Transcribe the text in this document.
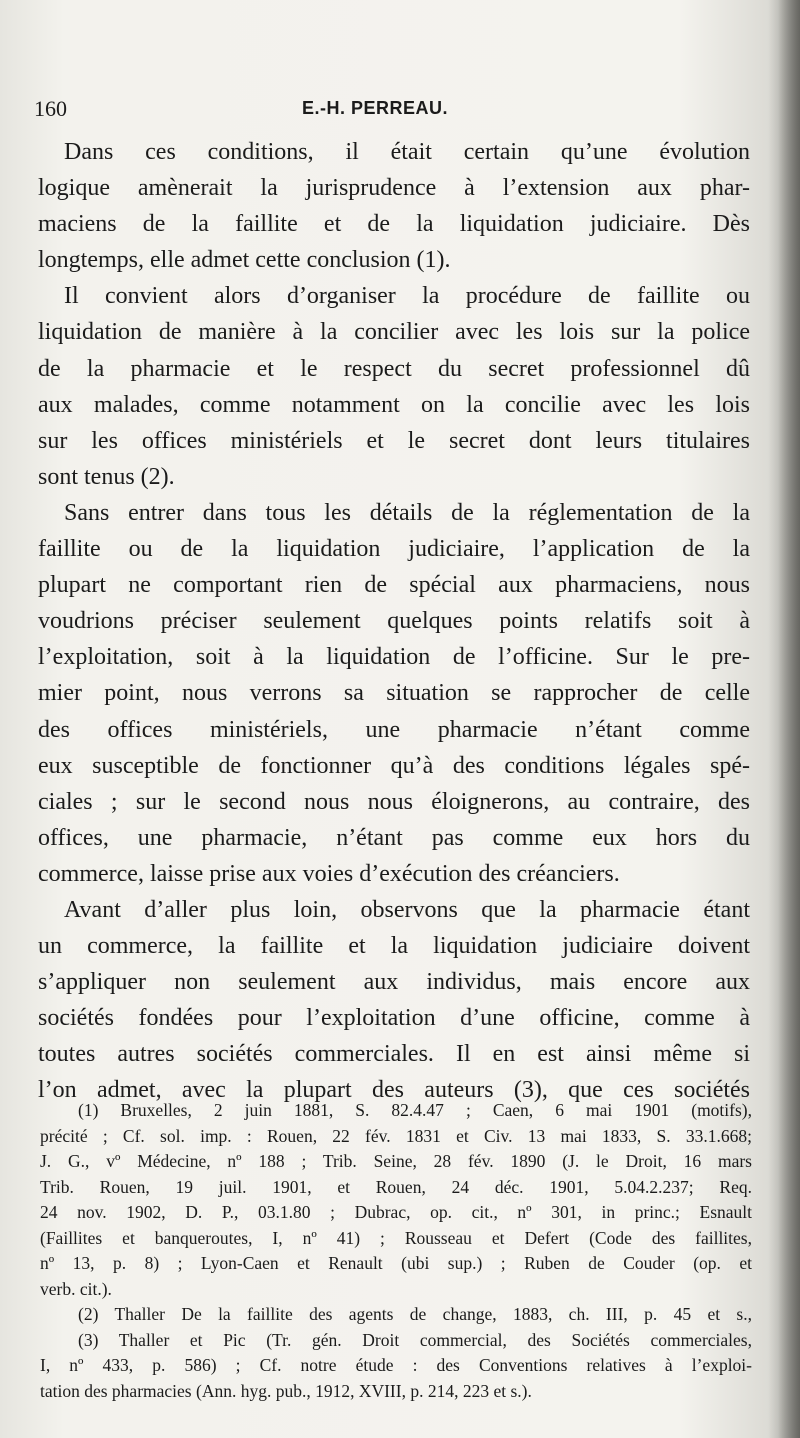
160	E.-H. PERREAU.
Dans ces conditions, il était certain qu’une évolution
logique amènerait la jurisprudence à l’extension aux phar-
maciens de la faillite et de la liquidation judiciaire. Dès
longtemps, elle admet cette conclusion (1).
Il convient alors d’organiser la procédure de faillite ou
liquidation de manière à la concilier avec les lois sur la police
de la pharmacie et le respect du secret professionnel dû
aux malades, comme notamment on la concilie avec les lois
sur les offices ministériels et le secret dont leurs titulaires
sont tenus (2).
Sans entrer dans tous les détails de la réglementation de la
faillite ou de la liquidation judiciaire, l’application de la
plupart ne comportant rien de spécial aux pharmaciens, nous
voudrions préciser seulement quelques points relatifs soit à
l’exploitation, soit à la liquidation de l’officine. Sur le pre-
mier point, nous verrons sa situation se rapprocher de celle
des offices ministériels, une pharmacie n’étant comme
eux susceptible de fonctionner qu’à des conditions légales spé-
ciales ; sur le second nous nous éloignerons, au contraire, des
offices, une pharmacie, n’étant pas comme eux hors du
commerce, laisse prise aux voies d’exécution des créanciers.
Avant d’aller plus loin, observons que la pharmacie étant
un commerce, la faillite et la liquidation judiciaire doivent
s’appliquer non seulement aux individus, mais encore aux
sociétés fondées pour l’exploitation d’une officine, comme à
toutes autres sociétés commerciales. Il en est ainsi même si
l’on admet, avec la plupart des auteurs (3), que ces sociétés
(1) Bruxelles, 2 juin 1881, S. 82.4.47 ; Caen, 6 mai 1901 (motifs),
précité ; Cf. sol. imp. : Rouen, 22 fév. 1831 et Civ. 13 mai 1833, S. 33.1.668;
J. G., vº Médecine, nº 188 ; Trib. Seine, 28 fév. 1890 (J. le Droit, 16 mars
Trib. Rouen, 19 juil. 1901, et Rouen, 24 déc. 1901, 5.04.2.237; Req.
24 nov. 1902, D. P., 03.1.80 ; Dubrac, op. cit., nº 301, in princ.; Esnault
(Faillites et banqueroutes, I, nº 41) ; Rousseau et Defert (Code des faillites,
nº 13, p. 8) ; Lyon-Caen et Renault (ubi sup.) ; Ruben de Couder (op. et
verb. cit.).
(2) Thaller De la faillite des agents de change, 1883, ch. III, p. 45 et s.,
(3) Thaller et Pic (Tr. gén. Droit commercial, des Sociétés commerciales,
I, nº 433, p. 586) ; Cf. notre étude : des Conventions relatives à l’exploi-
tation des pharmacies (Ann. hyg. pub., 1912, XVIII, p. 214, 223 et s.).
